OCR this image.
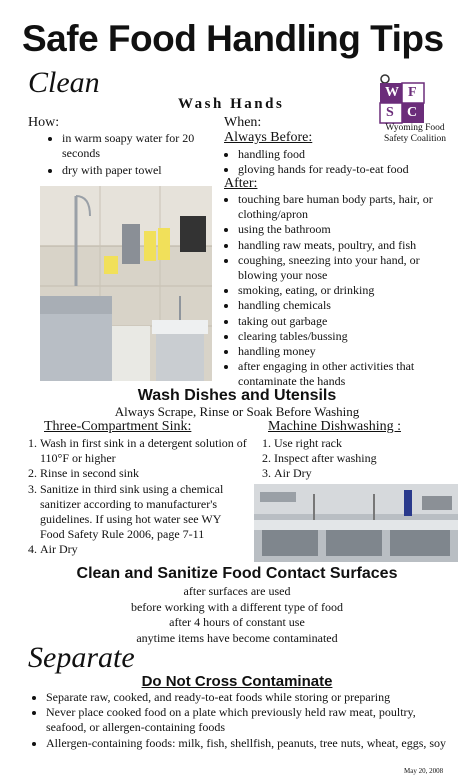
Safe Food Handling Tips
Clean
Wash Hands
W F
S C
Wyoming Food
Safety Coalition
How:
• in warm soapy water for 20 seconds
• dry with paper towel
When:
Always Before:
• handling food
• gloving hands for ready-to-eat food
After:
• touching bare human body parts, hair, or clothing/apron
• using the bathroom
• handling raw meats, poultry, and fish
• coughing, sneezing into your hand, or blowing your nose
• smoking, eating, or drinking
• handling chemicals
• taking out garbage
• clearing tables/bussing
• handling money
• after engaging in other activities that contaminate the hands
Wash Dishes and Utensils
Always Scrape, Rinse or Soak Before Washing
Three-Compartment Sink:
1. Wash in first sink in a detergent solution of 110°F or higher
2. Rinse in second sink
3. Sanitize in third sink using a chemical sanitizer according to manufacturer's guidelines. If using hot water see WY Food Safety Rule 2006, page 7-11
4. Air Dry
Machine Dishwashing :
1. Use right rack
2. Inspect after washing
3. Air Dry
Clean and Sanitize Food Contact Surfaces
after surfaces are used
before working with a different type of food
after 4 hours of constant use
anytime items have become contaminated
Separate
Do Not Cross Contaminate
• Separate raw, cooked, and ready-to-eat foods while storing or preparing
• Never place cooked food on a plate which previously held raw meat, poultry, seafood, or allergen-containing foods
• Allergen-containing foods: milk, fish, shellfish, peanuts, tree nuts, wheat, eggs, soy
May 20, 2008
